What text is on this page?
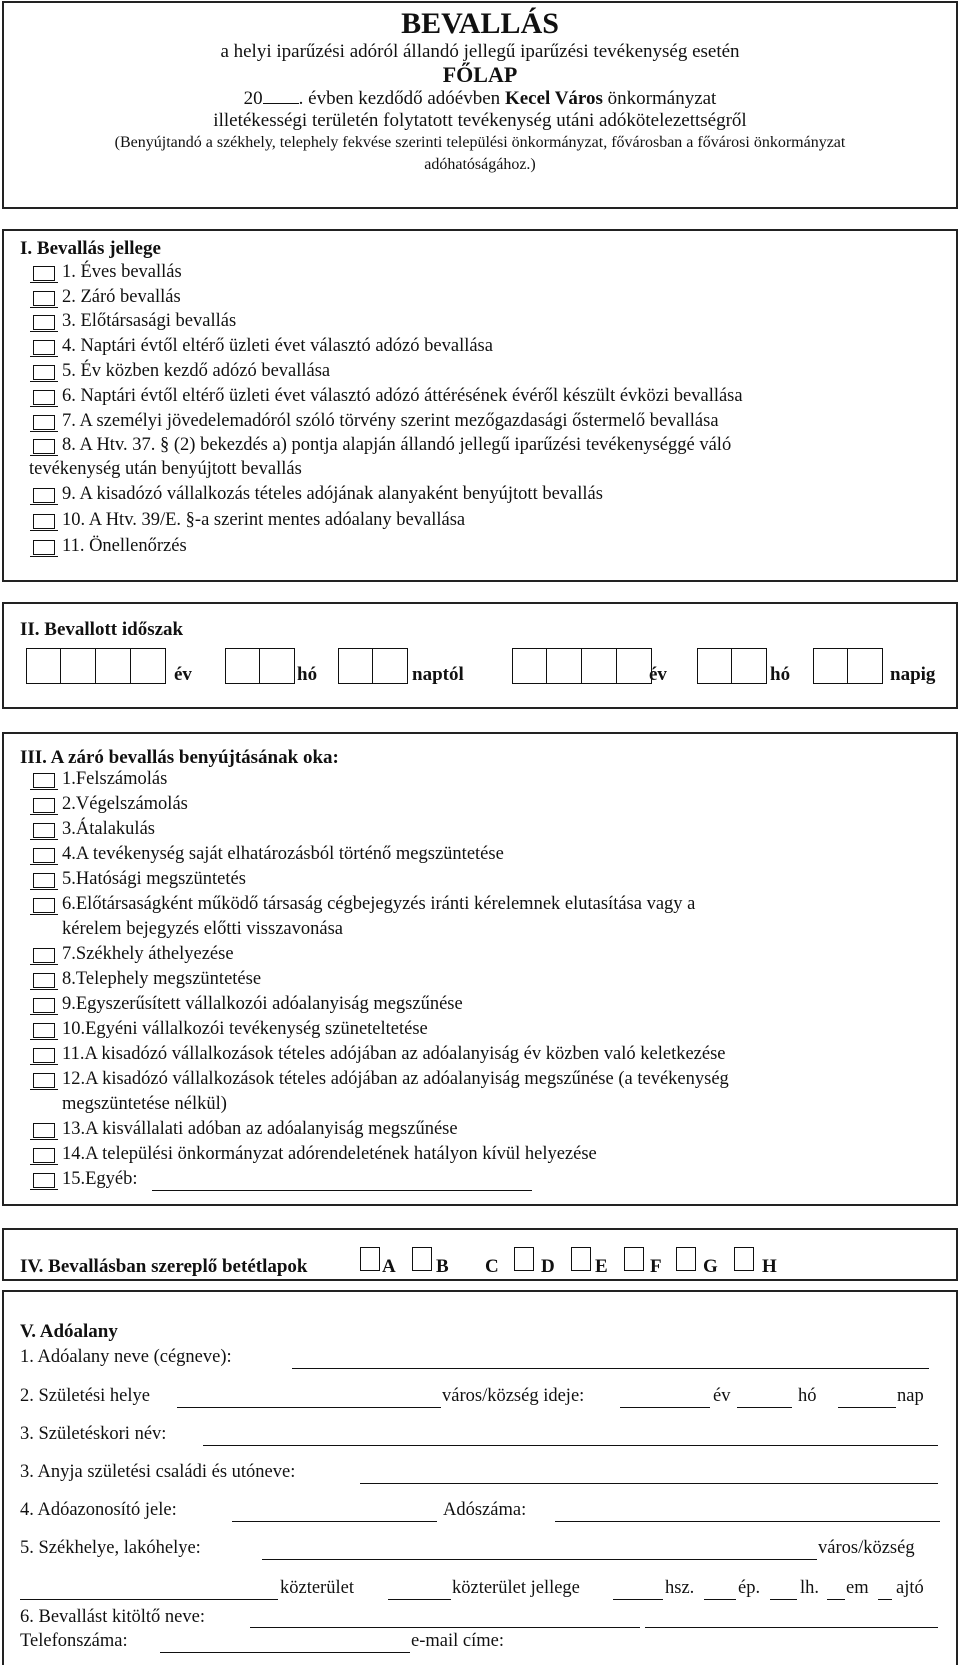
BEVALLÁS
a helyi iparűzési adóról állandó jellegű iparűzési tevékenység esetén
FŐLAP
20 . évben kezdődő adóévben Kecel Város önkormányzat
illetékességi területén folytatott tevékenység utáni adókötelezettségről
(Benyújtandó a székhely, telephely fekvése szerinti települési önkormányzat, fővárosban a fővárosi önkormányzat
adóhatóságához.)
I. Bevallás jellege
1. Éves bevallás
2. Záró bevallás
3. Előtársasági bevallás
4. Naptári évtől eltérő üzleti évet választó adózó bevallása
5. Év közben kezdő adózó bevallása
6. Naptári évtől eltérő üzleti évet választó adózó áttérésének évéről készült évközi bevallása
7. A személyi jövedelemadóról szóló törvény szerint mezőgazdasági őstermelő bevallása
8. A Htv. 37. § (2) bekezdés a) pontja alapján állandó jellegű iparűzési tevékenységgé váló
tevékenység után benyújtott bevallás
9. A kisadózó vállalkozás tételes adójának alanyaként benyújtott bevallás
10. A Htv. 39/E. §-a szerint mentes adóalany bevallása
11. Önellenőrzés
II. Bevallott időszak
év	hó	naptól	év	hó	napig
III. A záró bevallás benyújtásának oka:
1.Felszámolás
2.Végelszámolás
3.Átalakulás
4.A tevékenység saját elhatározásból történő megszüntetése
5.Hatósági megszüntetés
6.Előtársaságként működő társaság cégbejegyzés iránti kérelemnek elutasítása vagy a
kérelem bejegyzés előtti visszavonása
7.Székhely áthelyezése
8.Telephely megszüntetése
9.Egyszerűsített vállalkozói adóalanyiság megszűnése
10.Egyéni vállalkozói tevékenység szüneteltetése
11.A kisadózó vállalkozások tételes adójában az adóalanyiság év közben való keletkezése
12.A kisadózó vállalkozások tételes adójában az adóalanyiság megszűnése (a tevékenység
megszüntetése nélkül)
13.A kisvállalati adóban az adóalanyiság megszűnése
14.A települési önkormányzat adórendeletének hatályon kívül helyezése
15.Egyéb:
IV. Bevallásban szereplő betétlapok	A B C D E F G H
V. Adóalany
1. Adóalany neve (cégneve):
2. Születési helye	város/község ideje:	év	hó	nap
3. Születéskori név:
3. Anyja születési családi és utóneve:
4. Adóazonosító jele:	Adószáma:
5. Székhelye, lakóhelye:	város/község
közterület	közterület jellege	hsz. ép. lh. em ajtó
6. Bevallást kitöltő neve:
Telefonszáma:	e-mail címe:
